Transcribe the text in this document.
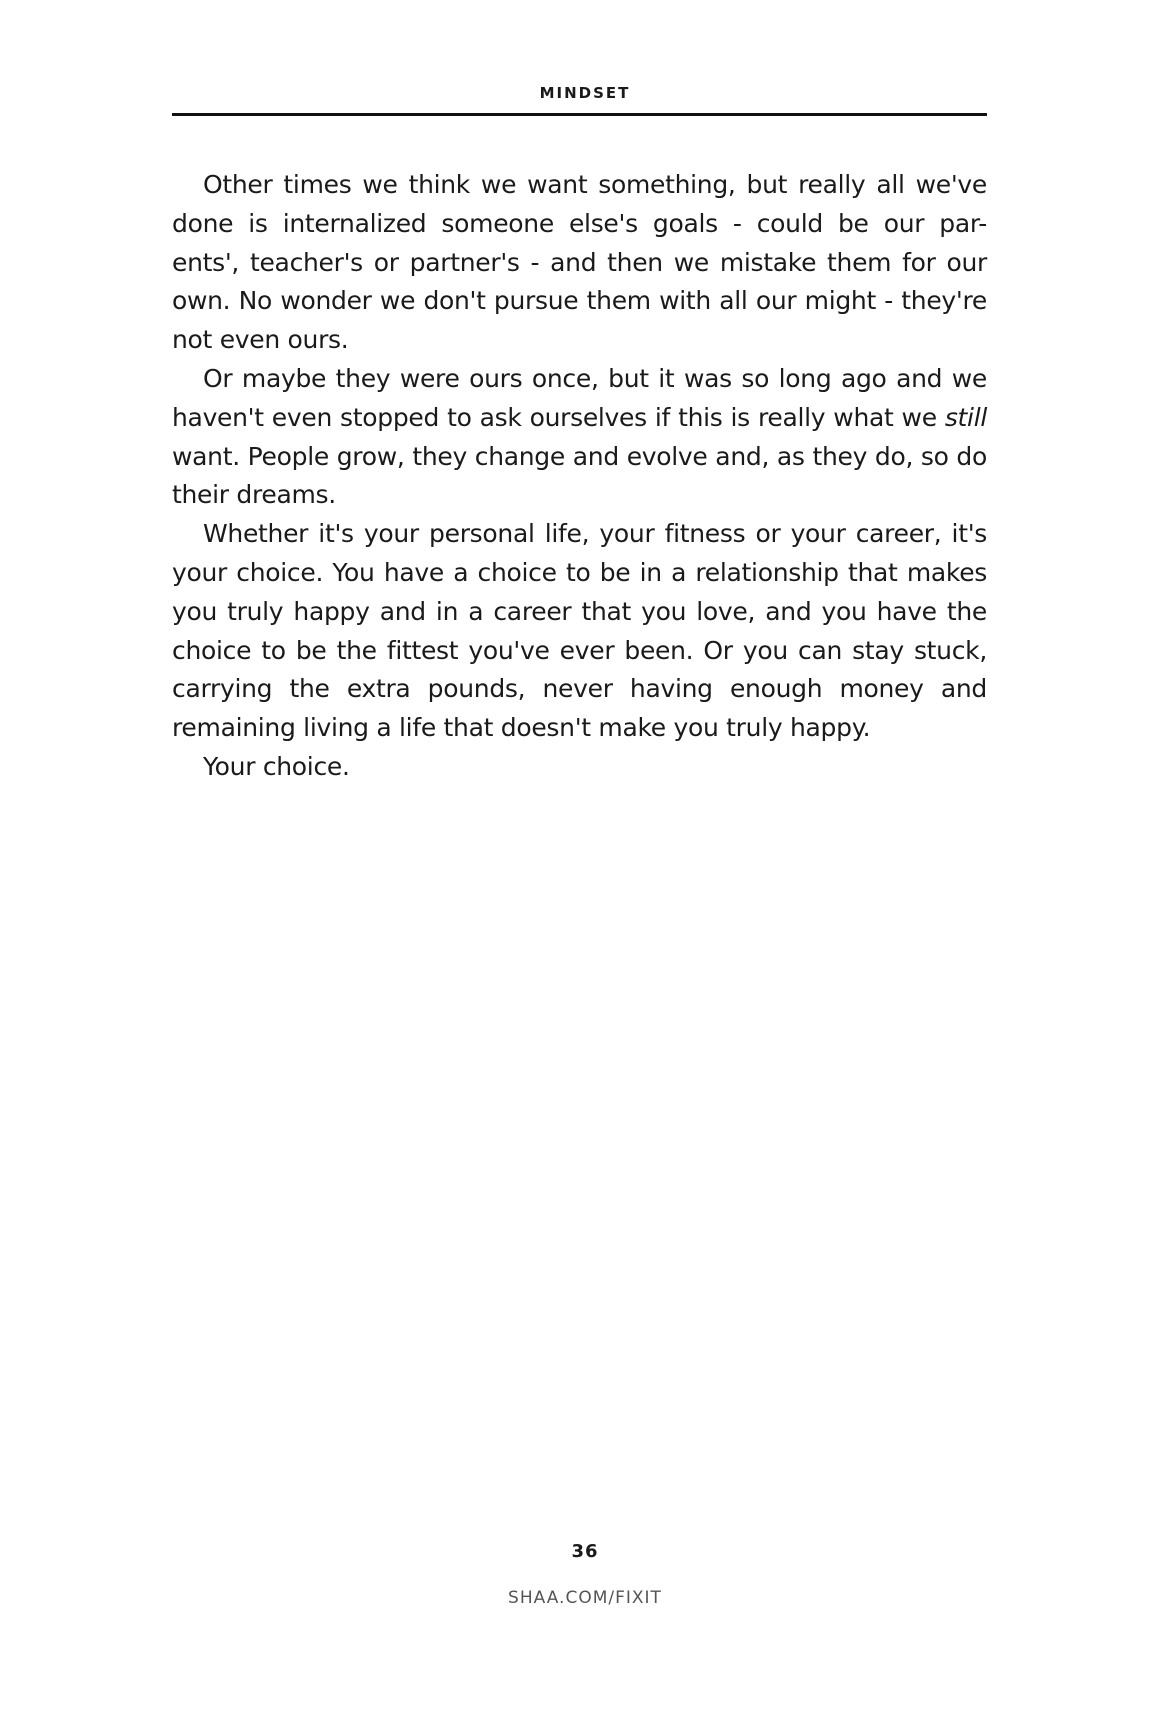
MINDSET

Other times we think we want something, but really all we've done is internalized someone else's goals - could be our par- ents', teacher's or partner's - and then we mistake them for our own. No wonder we don't pursue them with all our might - they're not even ours.

Or maybe they were ours once, but it was so long ago and we haven't even stopped to ask ourselves if this is really what we still want. People grow, they change and evolve and, as they do, so do their dreams.

Whether it's your personal life, your fitness or your career, it's your choice. You have a choice to be in a relationship that makes you truly happy and in a career that you love, and you have the choice to be the fittest you've ever been. Or you can stay stuck, carrying the extra pounds, never having enough money and remaining living a life that doesn't make you truly happy.

Your choice.

36
SHAA.COM/FIXIT
